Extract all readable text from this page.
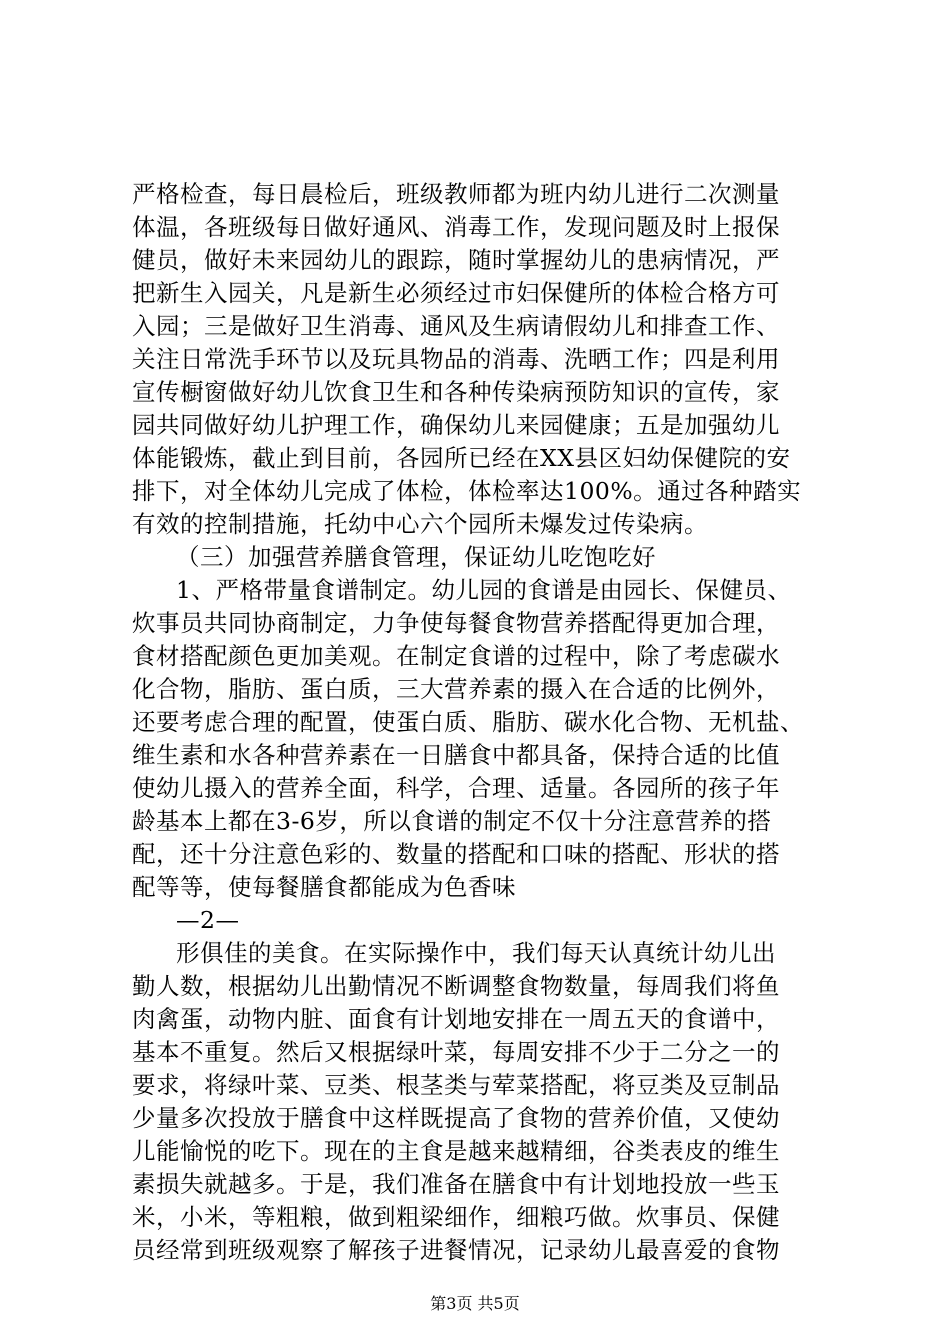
严格检查，每日晨检后，班级教师都为班内幼儿进行二次测量
体温，各班级每日做好通风、消毒工作，发现问题及时上报保
健员，做好未来园幼儿的跟踪，随时掌握幼儿的患病情况，严
把新生入园关，凡是新生必须经过市妇保健所的体检合格方可
入园；三是做好卫生消毒、通风及生病请假幼儿和排查工作、
关注日常洗手环节以及玩具物品的消毒、洗晒工作；四是利用
宣传橱窗做好幼儿饮食卫生和各种传染病预防知识的宣传，家
园共同做好幼儿护理工作，确保幼儿来园健康；五是加强幼儿
体能锻炼，截止到目前，各园所已经在XX县区妇幼保健院的安
排下，对全体幼儿完成了体检，体检率达100%。通过各种踏实
有效的控制措施，托幼中心六个园所未爆发过传染病。
（三）加强营养膳食管理，保证幼儿吃饱吃好
1、严格带量食谱制定。幼儿园的食谱是由园长、保健员、
炊事员共同协商制定，力争使每餐食物营养搭配得更加合理，
食材搭配颜色更加美观。在制定食谱的过程中，除了考虑碳水
化合物，脂肪、蛋白质，三大营养素的摄入在合适的比例外，
还要考虑合理的配置，使蛋白质、脂肪、碳水化合物、无机盐、
维生素和水各种营养素在一日膳食中都具备，保持合适的比值
使幼儿摄入的营养全面，科学，合理、适量。各园所的孩子年
龄基本上都在3-6岁，所以食谱的制定不仅十分注意营养的搭
配，还十分注意色彩的、数量的搭配和口味的搭配、形状的搭
配等等，使每餐膳食都能成为色香味
—2—
形俱佳的美食。在实际操作中，我们每天认真统计幼儿出
勤人数，根据幼儿出勤情况不断调整食物数量，每周我们将鱼
肉禽蛋，动物内脏、面食有计划地安排在一周五天的食谱中，
基本不重复。然后又根据绿叶菜，每周安排不少于二分之一的
要求，将绿叶菜、豆类、根茎类与荤菜搭配，将豆类及豆制品
少量多次投放于膳食中这样既提高了食物的营养价值，又使幼
儿能愉悦的吃下。现在的主食是越来越精细，谷类表皮的维生
素损失就越多。于是，我们准备在膳食中有计划地投放一些玉
米，小米，等粗粮，做到粗梁细作，细粮巧做。炊事员、保健
员经常到班级观察了解孩子进餐情况，记录幼儿最喜爱的食物
第3页 共5页
